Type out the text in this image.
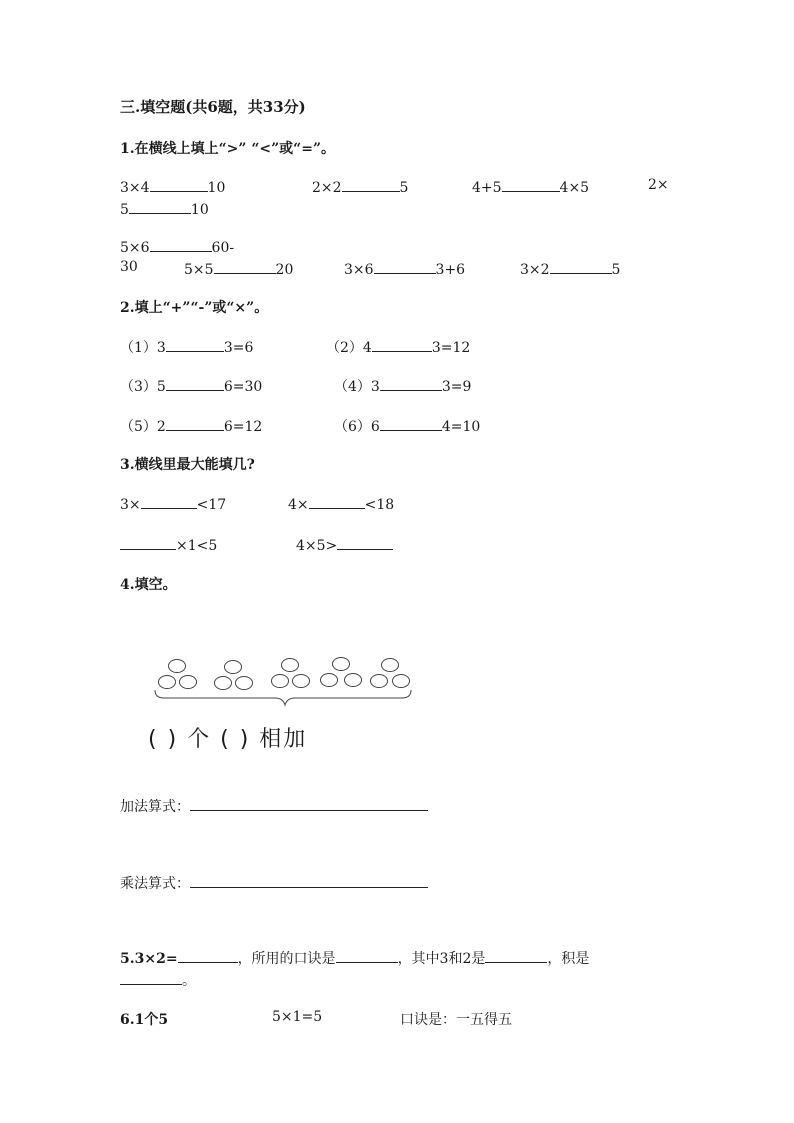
三.填空题(共6题，共33分)
1.在横线上填上“>” “<”或“=”。
3×4	10	2×2	5	4+5	4×5	2×
5	10
5×6	60-
30	5×5	20	3×6	3+6	3×2	5
2.填上“+”“-”或“×”。
（1）3	3=6	（2）4	3=12
（3）5	6=30	（4）3	3=9
（5）2	6=12	（6）6	4=10
3.横线里最大能填几?
3×	<17	4×	<18
×1<5	4×5>
4.填空。
( ) 个 ( ) 相加
加法算式：
乘法算式：
5.3×2=	，所用的口诀是	，其中3和2是	，积是
。
6.1个5	5×1=5	口诀是：一五得五
